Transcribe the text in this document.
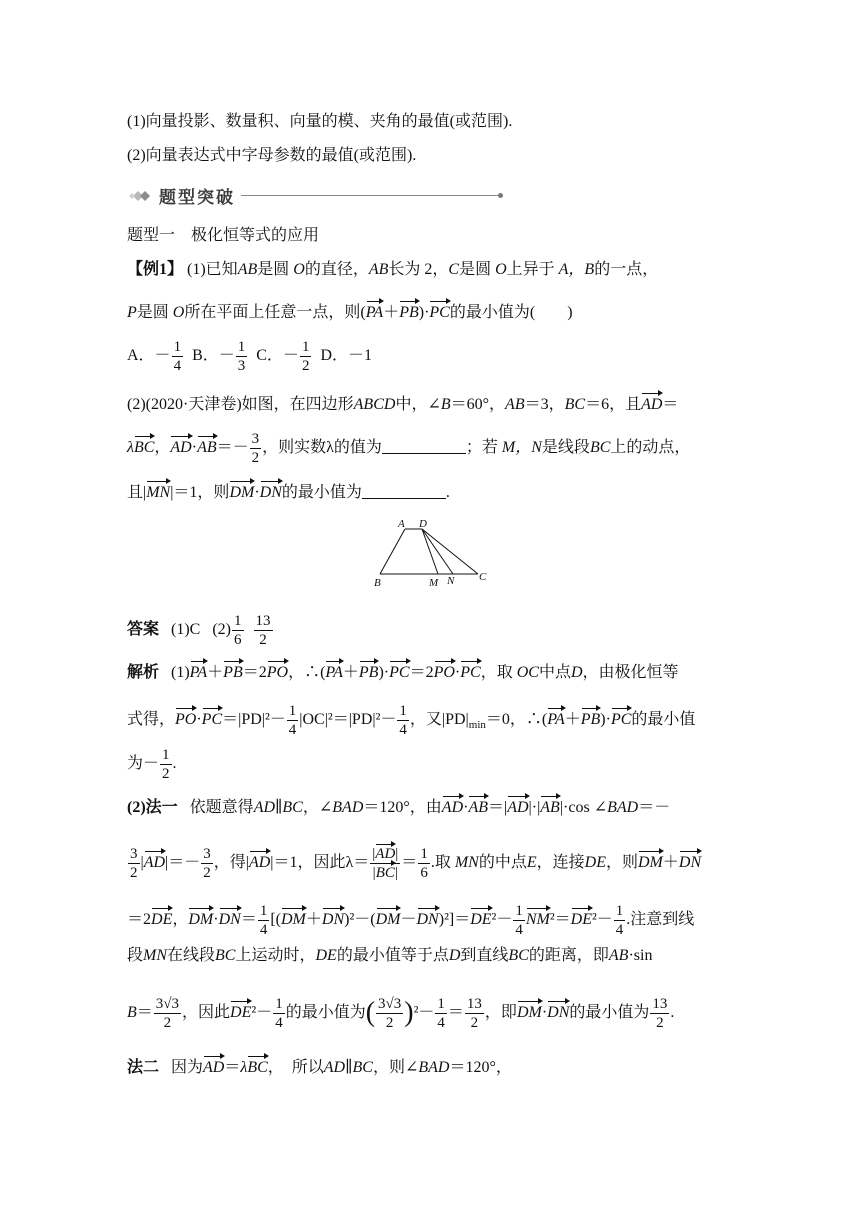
(1)向量投影、数量积、向量的模、夹角的最值(或范围).
(2)向量表达式中字母参数的最值(或范围).
题型突破
题型一　极化恒等式的应用
【例1】 (1)已知AB是圆 O的直径，AB长为 2，C是圆 O上异于 A，B的一点，
P是圆 O所在平面上任意一点，则(PA＋PB)·PC的最小值为(　　)
A．－ $\frac{1}{4}$ B．－ $\frac{1}{3}$ C．－ $\frac{1}{2}$ D．－1
(2)(2020·天津卷)如图，在四边形ABCD中，∠B＝60°，AB＝3，BC＝6，且AD＝
λBC，$AD\cdot AB=- \frac{3}{2}$ ，则实数λ的值为	；若 M，N是线段BC上的动点，
且|MN|＝1，则DM·DN的最小值为	.
A D
B	M N C
答案 (1)C $(2) \frac{1}{6}$
$\frac{13}{2}$
解析 (1)PA＋PB＝2PO，∴(PA＋PB)·PC＝2PO·PC，取 OC中点D，由极化恒等
式得，$PO\cdot PC=|PD|^2- \frac{1}{4} |OC|^2=|PD|^2- \frac{1}{4}$ ，又$|PD|_{min}=0$，∴(PA＋PB)·PC的最小值
为－ $\frac{1}{2}$ .
(2)法一 依题意得AD∥BC，∠BAD＝120°，由AD·AB＝|AD|·|AB|·cos ∠BAD＝－
$\frac{3}{2} |AD|=- \frac{3}{2}$ ，得|AD|＝1，因此$\lambda= \frac{|AD|}{|BC|} = \frac{1}{6}$ .取 MN的中点E，连接DE，则DM＋DN
＝2DE，$DM\cdot DN= \frac{1}{4} [(DM+DN)^2-(DM-DN)^2]=DE^2- \frac{1}{4} NM^2=DE^2- \frac{1}{4}$ .注意到线
段MN在线段BC上运动时，DE的最小值等于点D到直线BC的距离，即AB·sin
$B= \frac{3√3}{2}$ ，因此$DE^2- \frac{1}{4}$ 的最小值为( $\frac{3√3}{2} )^2- \frac{1}{4} = \frac{13}{2}$ ，即DM·DN的最小值为 $\frac{13}{2}$ .
法二 因为AD＝λBC，　所以AD∥BC，则∠BAD＝120°，
